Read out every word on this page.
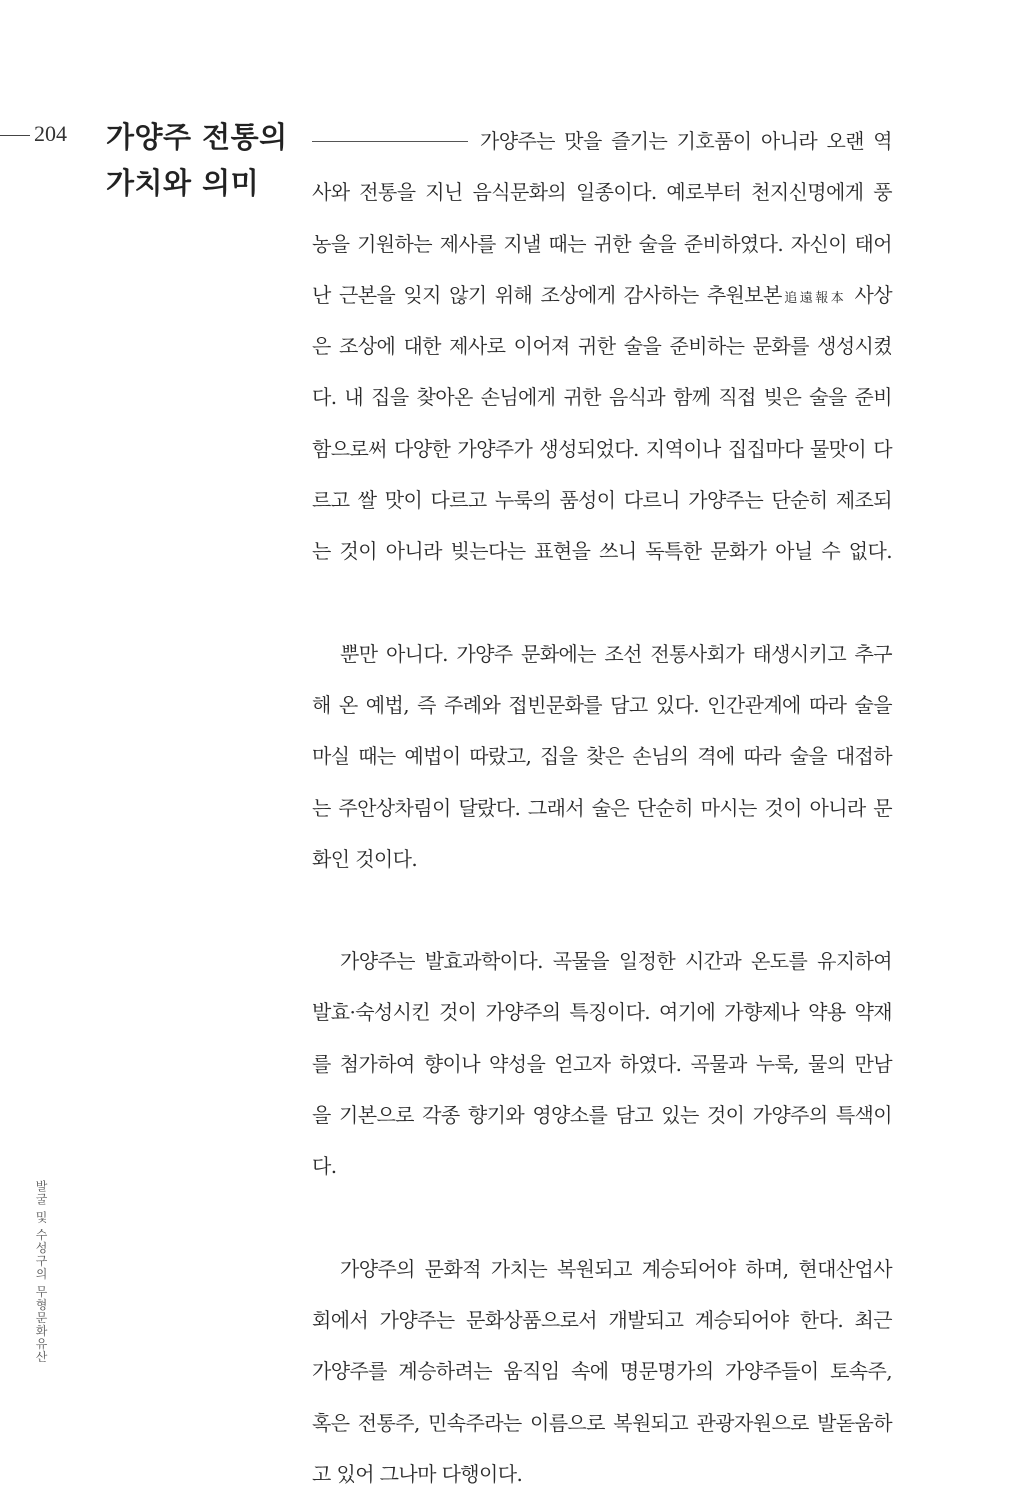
204 가양주 전통의
가치와 의미
가양주는 맛을 즐기는 기호품이 아니라 오랜 역
사와 전통을 지닌 음식문화의 일종이다. 예로부터 천지신명에게 풍
농을 기원하는 제사를 지낼 때는 귀한 술을 준비하였다. 자신이 태어
난 근본을 잊지 않기 위해 조상에게 감사하는 추원보본追遠報本 사상
은 조상에 대한 제사로 이어져 귀한 술을 준비하는 문화를 생성시켰
다. 내 집을 찾아온 손님에게 귀한 음식과 함께 직접 빚은 술을 준비
함으로써 다양한 가양주가 생성되었다. 지역이나 집집마다 물맛이 다
르고 쌀 맛이 다르고 누룩의 품성이 다르니 가양주는 단순히 제조되
는 것이 아니라 빚는다는 표현을 쓰니 독특한 문화가 아닐 수 없다.
뿐만 아니다. 가양주 문화에는 조선 전통사회가 태생시키고 추구
해 온 예법, 즉 주례와 접빈문화를 담고 있다. 인간관계에 따라 술을
마실 때는 예법이 따랐고, 집을 찾은 손님의 격에 따라 술을 대접하
는 주안상차림이 달랐다. 그래서 술은 단순히 마시는 것이 아니라 문
화인 것이다.
가양주는 발효과학이다. 곡물을 일정한 시간과 온도를 유지하여
발효·숙성시킨 것이 가양주의 특징이다. 여기에 가향제나 약용 약재
를 첨가하여 향이나 약성을 얻고자 하였다. 곡물과 누룩, 물의 만남
을 기본으로 각종 향기와 영양소를 담고 있는 것이 가양주의 특색이
다.
가양주의 문화적 가치는 복원되고 계승되어야 하며, 현대산업사
회에서 가양주는 문화상품으로서 개발되고 계승되어야 한다. 최근
가양주를 계승하려는 움직임 속에 명문명가의 가양주들이 토속주,
혹은 전통주, 민속주라는 이름으로 복원되고 관광자원으로 발돋움하
고 있어 그나마 다행이다.
발굴 및 수성구의 무형문화유산
